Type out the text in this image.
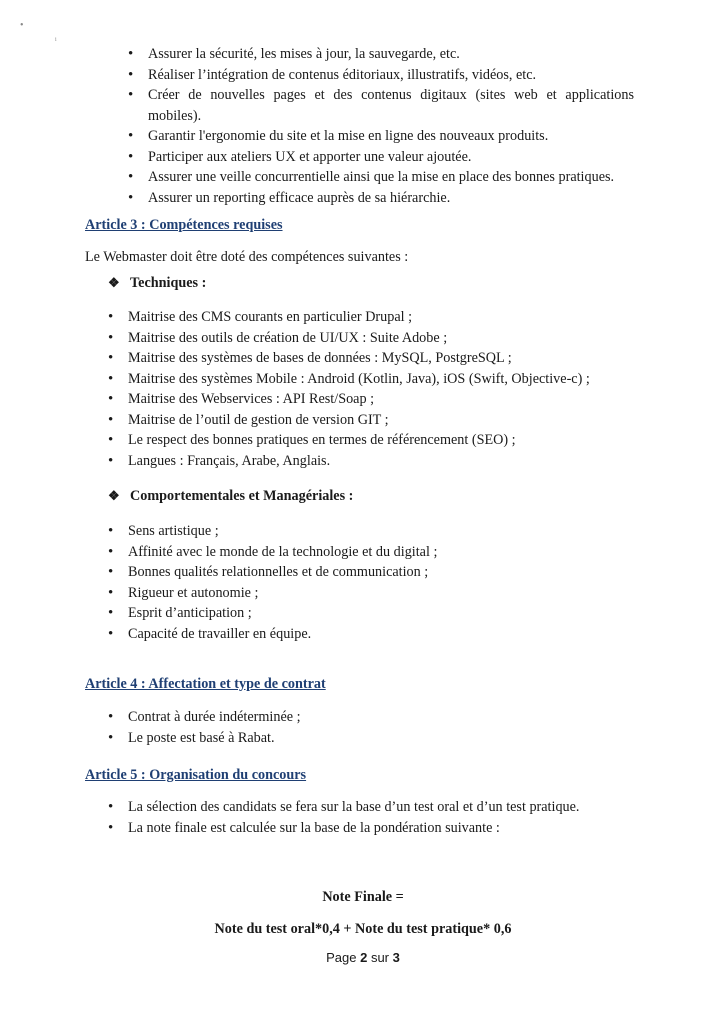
•
ᵢ
• Assurer la sécurité, les mises à jour, la sauvegarde, etc.
• Réaliser l’intégration de contenus éditoriaux, illustratifs, vidéos, etc.
• Créer de nouvelles pages et des contenus digitaux (sites web et applications
mobiles).
• Garantir l'ergonomie du site et la mise en ligne des nouveaux produits.
• Participer aux ateliers UX et apporter une valeur ajoutée.
• Assurer une veille concurrentielle ainsi que la mise en place des bonnes pratiques.
• Assurer un reporting efficace auprès de sa hiérarchie.
Article 3 : Compétences requises
Le Webmaster doit être doté des compétences suivantes :
❖ Techniques :
• Maitrise des CMS courants en particulier Drupal ;
• Maitrise des outils de création de UI/UX : Suite Adobe ;
• Maitrise des systèmes de bases de données : MySQL, PostgreSQL ;
• Maitrise des systèmes Mobile : Android (Kotlin, Java), iOS (Swift, Objective-c) ;
• Maitrise des Webservices : API Rest/Soap ;
• Maitrise de l’outil de gestion de version GIT ;
• Le respect des bonnes pratiques en termes de référencement (SEO) ;
• Langues : Français, Arabe, Anglais.
❖ Comportementales et Managériales :
• Sens artistique ;
• Affinité avec le monde de la technologie et du digital ;
• Bonnes qualités relationnelles et de communication ;
• Rigueur et autonomie ;
• Esprit d’anticipation ;
• Capacité de travailler en équipe.
Article 4 : Affectation et type de contrat
• Contrat à durée indéterminée ;
• Le poste est basé à Rabat.
Article 5 : Organisation du concours
• La sélection des candidats se fera sur la base d’un test oral et d’un test pratique.
• La note finale est calculée sur la base de la pondération suivante :
Note Finale =
Note du test oral*0,4 + Note du test pratique* 0,6
Page 2 sur 3
